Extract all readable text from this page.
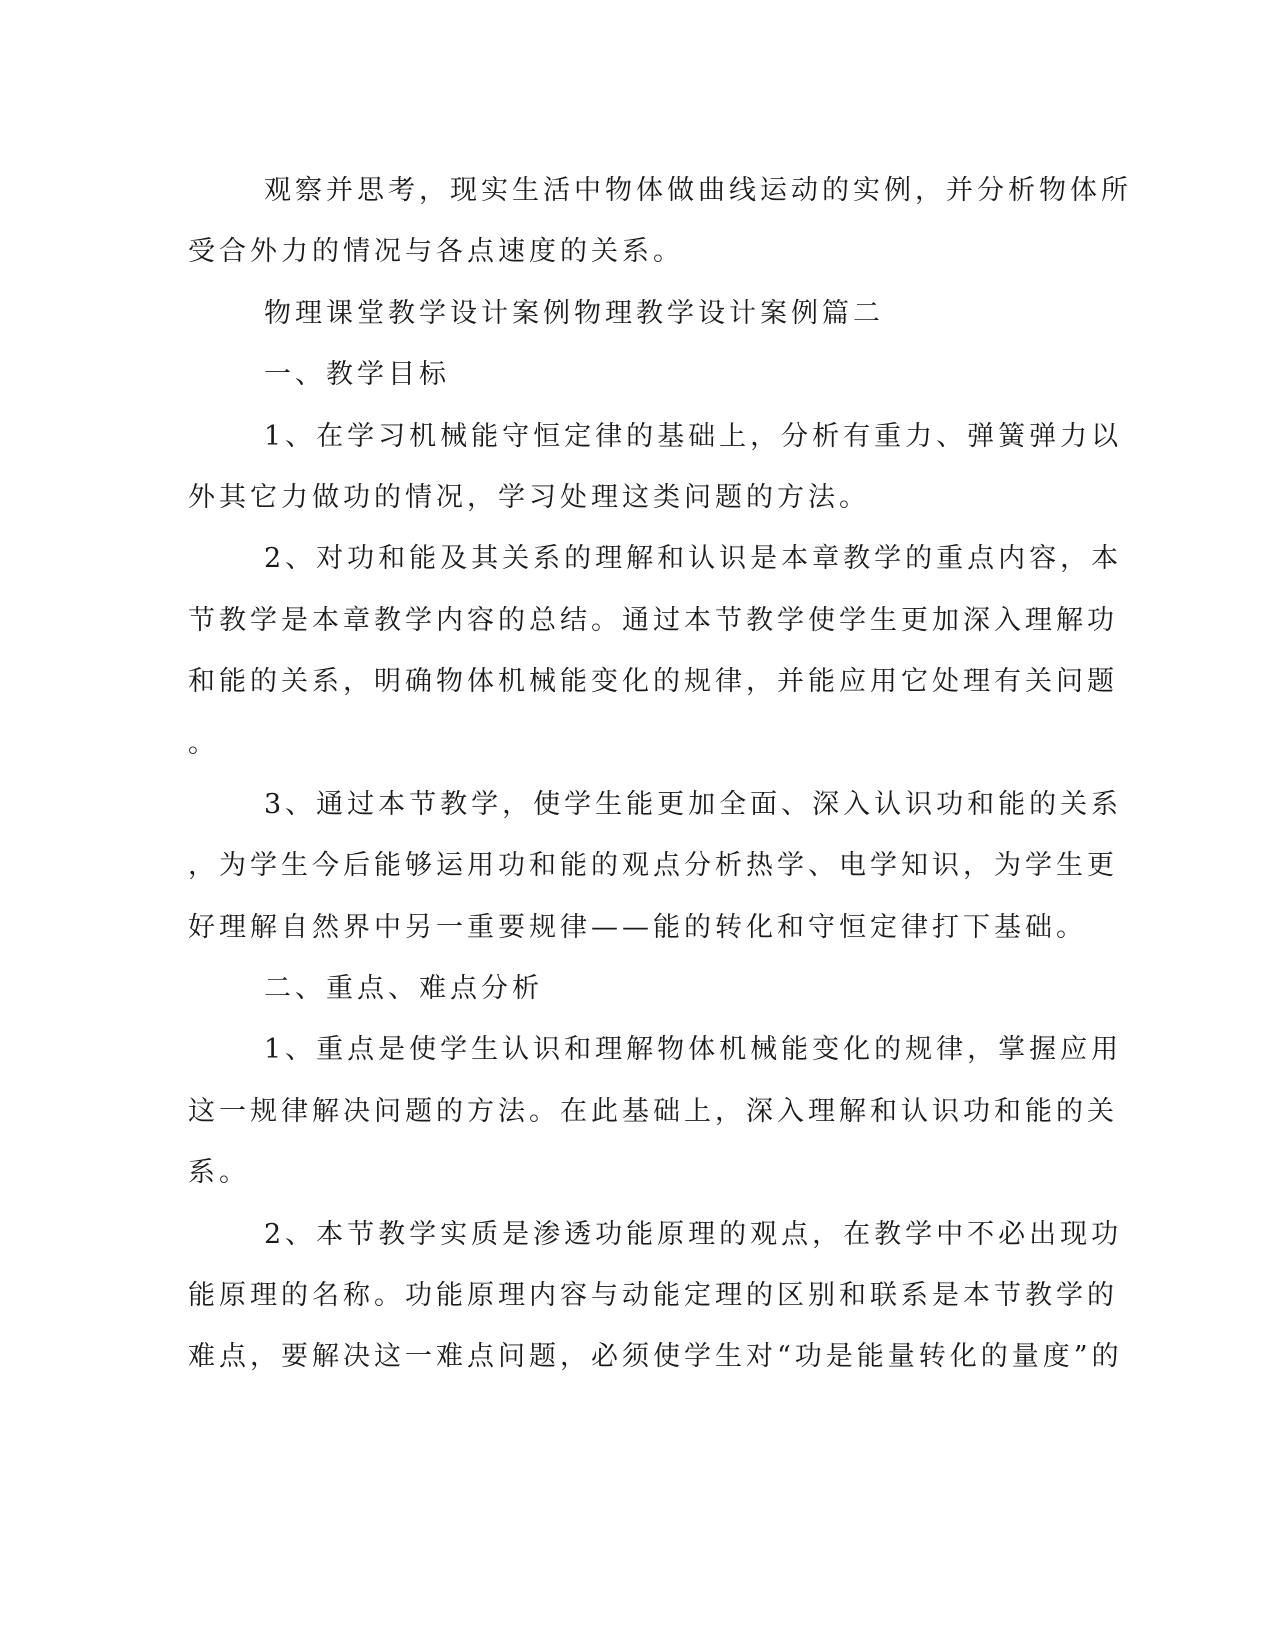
观察并思考，现实生活中物体做曲线运动的实例，并分析物体所
受合外力的情况与各点速度的关系。
物理课堂教学设计案例物理教学设计案例篇二
一、教学目标
1、在学习机械能守恒定律的基础上，分析有重力、弹簧弹力以
外其它力做功的情况，学习处理这类问题的方法。
2、对功和能及其关系的理解和认识是本章教学的重点内容，本
节教学是本章教学内容的总结。通过本节教学使学生更加深入理解功
和能的关系，明确物体机械能变化的规律，并能应用它处理有关问题
。
3、通过本节教学，使学生能更加全面、深入认识功和能的关系
，为学生今后能够运用功和能的观点分析热学、电学知识，为学生更
好理解自然界中另一重要规律——能的转化和守恒定律打下基础。
二、重点、难点分析
1、重点是使学生认识和理解物体机械能变化的规律，掌握应用
这一规律解决问题的方法。在此基础上，深入理解和认识功和能的关
系。
2、本节教学实质是渗透功能原理的观点，在教学中不必出现功
能原理的名称。功能原理内容与动能定理的区别和联系是本节教学的
难点，要解决这一难点问题，必须使学生对“功是能量转化的量度”的
